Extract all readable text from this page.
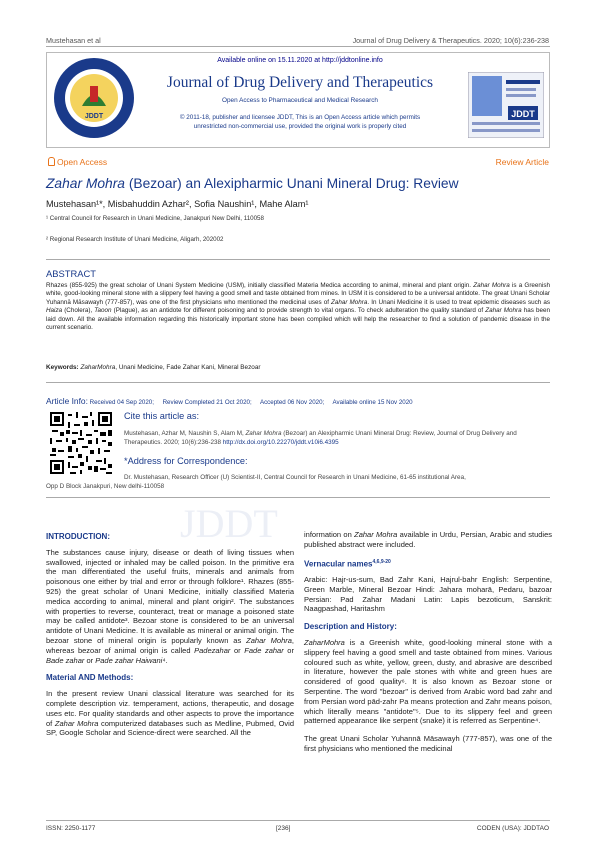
Mustehasan et al	Journal of Drug Delivery & Therapeutics. 2020; 10(6):236-238
JDDT	JDDT
Available online on 15.11.2020 at http://jddtonline.info
Journal of Drug Delivery and Therapeutics
Open Access to Pharmaceutical and Medical Research
© 2011-18, publisher and licensee JDDT, This is an Open Access article which permits
unrestricted non-commercial use, provided the original work is properly cited
Open Access	Review Article
Zahar Mohra (Bezoar) an Alexipharmic Unani Mineral Drug: Review
Mustehasan¹*, Misbahuddin Azhar², Sofia Naushin¹, Mahe Alam¹
¹ Central Council for Research in Unani Medicine, Janakpuri New Delhi, 110058
² Regional Research Institute of Unani Medicine, Aligarh, 202002
ABSTRACT
Rhazes (855-925) the great scholar of Unani System Medicine (USM), initially classified Materia Medica according to animal, mineral and plant origin. Zahar Mohra is a Greenish white, good-looking mineral stone with a slippery feel having a good smell and taste obtained from mines. In USM it is considered to be a universal antidote. The great Unani Scholar Yuhannā Māsawayh (777-857), was one of the first physicians who mentioned the medicinal uses of Zahar Mohra. In Unani Medicine it is used to treat epidemic diseases such as Haiza (Cholera), Taoon (Plague), as an antidote for different poisoning and to provide strength to vital organs. To check adulteration the quality standard of Zahar Mohra has been laid down. All the available information regarding this historically important stone has been compiled which will help the researcher to find a solution of pandemic disease in the current scenario.
Keywords: ZaharMohra, Unani Medicine, Fade Zahar Kani, Mineral Bezoar
Article Info: Received 04 Sep 2020; Review Completed 21 Oct 2020; Accepted 06 Nov 2020; Available online 15 Nov 2020
Cite this article as:
Mustehasan, Azhar M, Naushin S, Alam M, Zahar Mohra (Bezoar) an Alexipharmic Unani Mineral Drug: Review, Journal of Drug Delivery and Therapeutics. 2020; 10(6):236-238 http://dx.doi.org/10.22270/jddt.v10i6.4395
*Address for Correspondence:
Dr. Mustehasan, Research Officer (U) Scientist-II, Central Council for Research in Unani Medicine, 61-65 institutional Area,
Opp D Block Janakpuri, New delhi-110058
JDDT
INTRODUCTION:

The substances cause injury, disease or death of living tissues when swallowed, injected or inhaled may be called poison. In the primitive era the man differentiated the useful fruits, minerals and animals from poisonous one either by trial and error or through folklore¹. Rhazes (855-925) the great scholar of Unani Medicine, initially classified Materia medica according to animal, mineral and plant origin². The substances with properties to reverse, counteract, treat or manage a poisoned state may be called antidote³. Bezoar stone is considered to be an universal antidote of Unani Medicine. It is available as mineral or animal origin. The bezoar stone of mineral origin is popularly known as Zahar Mohra, whereas bezoar of animal origin is called Padezahar or Fade zahar or Bade zahar or Pade zahar Haiwani⁴.

Material AND Methods:

In the present review Unani classical literature was searched for its complete description viz. temperament, actions, therapeutic, and dosage uses etc. For quality standards and other aspects to prove the importance of Zahar Mohra computerized databases such as Medline, Pubmed, Ovid SP, Google Scholar and Science-direct were searched. All the

information on Zahar Mohra available in Urdu, Persian, Arabic and studies published abstract were included.

Vernacular names$^{4,6,9-20}$

Arabic: Hajr-us-sum, Bad Zahr Kani, Hajrul-bahr English: Serpentine, Green Marble, Mineral Bezoar Hindi: Jahara moharā, Pedaru, bazoar Persian: Pad Zahar Madani Latin: Lapis bezoticum, Sanskrit: Naagpashad, Haritashm

Description and History:

ZaharMohra is a Greenish white, good-looking mineral stone with a slippery feel having a good smell and taste obtained from mines. Various coloured such as white, yellow, green, dusty, and abrasive are described in literature, however the pale stones with white and green hues are considered of good quality⁶. It is also known as Bezoar stone or Serpentine. The word "bezoar" is derived from Arabic word bad zahr and from Persian word pād-zahr Pa means protection and Zahr means poison, which literally means "antidote"⁵. Due to its slippery feel and green patterned appearance like serpent (snake) it is referred as Serpentine⁴.

The great Unani Scholar Yuhannā Māsawayh (777-857), was one of the first physicians who mentioned the medicinal

ISSN: 2250-1177	[236]	CODEN (USA): JDDTAO
